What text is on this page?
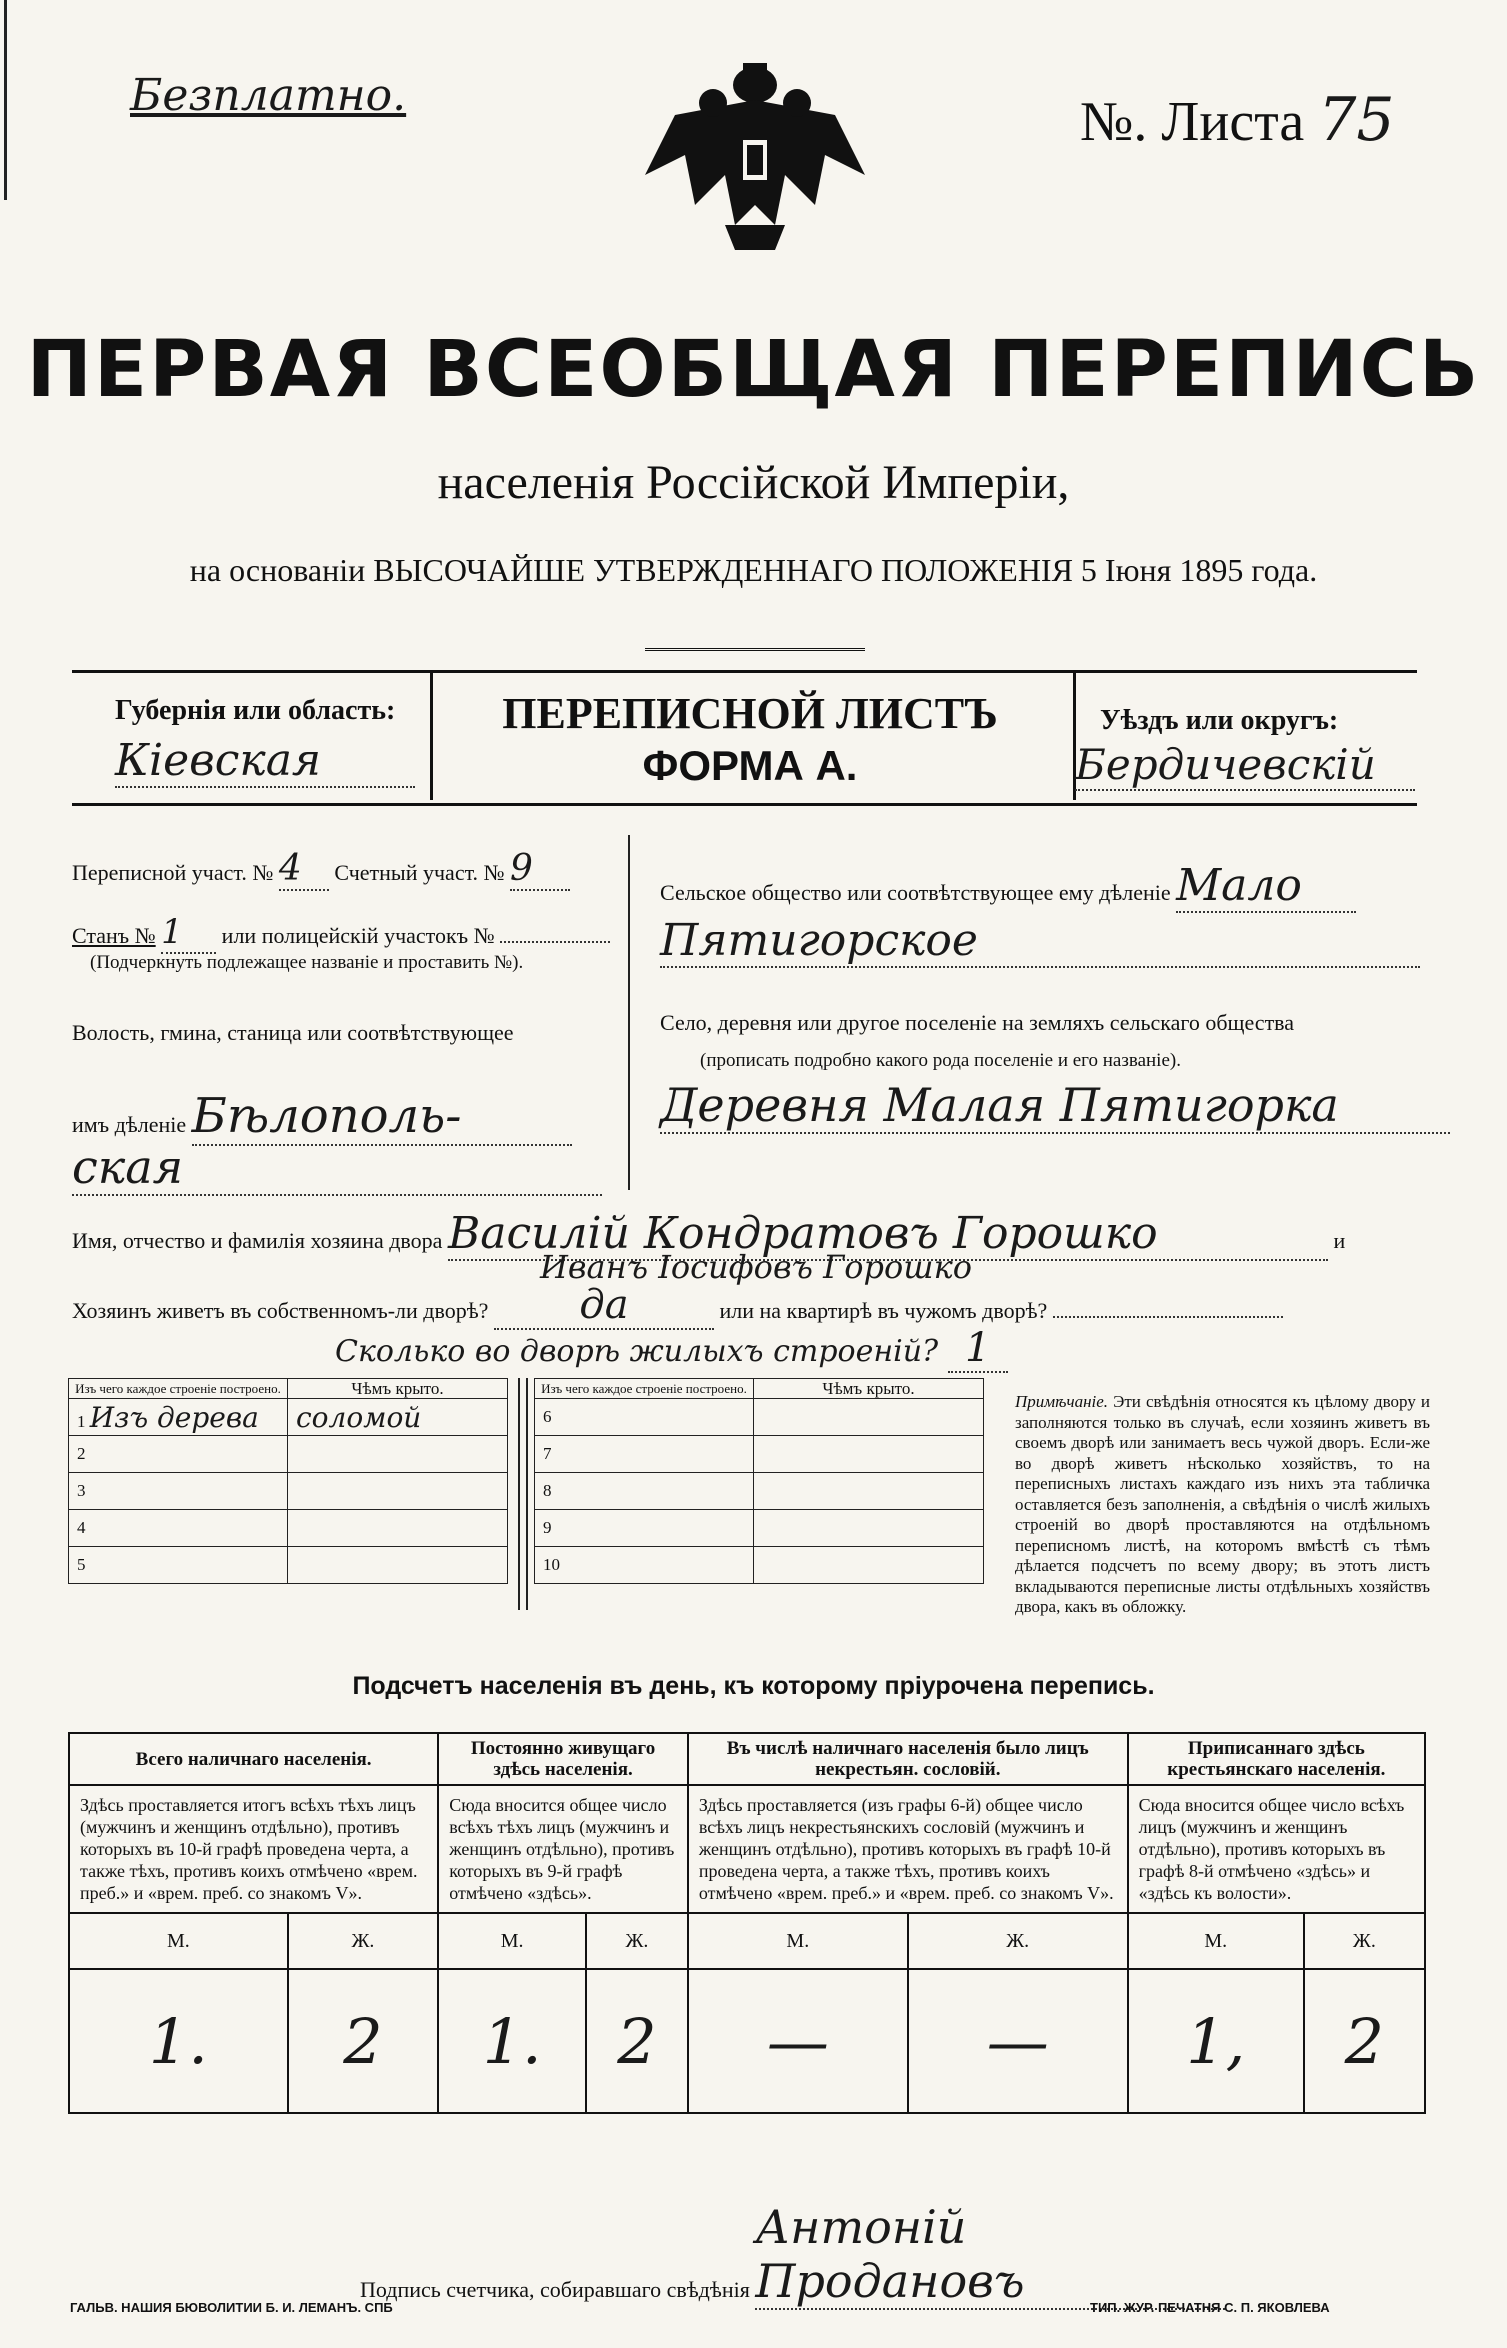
Безплатно.	№. Листа 75
ПЕРВАЯ ВСЕОБЩАЯ ПЕРЕПИСЬ
населенія Россійской Имперіи,
на основаніи ВЫСОЧАЙШЕ УТВЕРЖДЕННАГО ПОЛОЖЕНІЯ 5 Іюня 1895 года.
Губернія или область:
Кіевская
ПЕРЕПИСНОЙ ЛИСТЪ
ФОРМА А.
Уѣздъ или округъ:
Бердичевскій
Переписной участ. № 4 Счетный участ. № 9
Станъ № 1 или полицейскій участокъ №
(Подчеркнуть подлежащее названіе и проставить №).
Волость, гмина, станица или соотвѣтствующее
имъ дѣленіе Бѣлополь-
ская
Сельское общество или соотвѣтствующее ему дѣленіе Мало
Пятигорское
Село, деревня или другое поселеніе на земляхъ сельскаго общества
(прописать подробно какого рода поселеніе и его названіе).
Деревня Малая Пятигорка
Имя, отчество и фамилія хозяина двора Василій Кондратовъ Горошко	и
Иванъ Іосифовъ Горошко
Хозяинъ живетъ въ собственномъ-ли дворѣ? да	или на квартирѣ въ чужомъ дворѣ?
Сколько во дворѣ жилыхъ строеній? 1
Изъ чего каждое строеніе построено.	Чѣмъ крыто.
1 Изъ дерева	соломой
2	
3	
4	
5	
Изъ чего каждое строеніе построено.	Чѣмъ крыто.
6	
7	
8	
9	
10	
Примѣчаніе. Эти свѣдѣнія относятся къ цѣлому двору и заполняются только въ случаѣ, если хозяинъ живетъ въ своемъ дворѣ или занимаетъ весь чужой дворъ. Если-же во дворѣ живетъ нѣсколько хозяйствъ, то на переписныхъ листахъ каждаго изъ нихъ эта табличка оставляется безъ заполненія, а свѣдѣнія о числѣ жилыхъ строеній во дворѣ проставляются на отдѣльномъ переписномъ листѣ, на которомъ вмѣстѣ съ тѣмъ дѣлается подсчетъ по всему двору; въ этотъ листъ вкладываются переписные листы отдѣльныхъ хозяйствъ двора, какъ въ обложку.
Подсчетъ населенія въ день, къ которому пріурочена перепись.
Всего наличнаго населенія.		Постоянно живущаго здѣсь населенія.		Въ числѣ наличнаго населенія было лицъ некрестьян. сословій.		Приписаннаго здѣсь крестьянскаго населенія.	
Здѣсь проставляется итогъ всѣхъ тѣхъ лицъ (мужчинъ и женщинъ отдѣльно), противъ которыхъ въ 10-й графѣ проведена черта, а также тѣхъ, противъ коихъ отмѣчено «врем. преб.» и «врем. преб. со знакомъ V».		Сюда вносится общее число всѣхъ тѣхъ лицъ (мужчинъ и женщинъ отдѣльно), противъ которыхъ въ 9-й графѣ отмѣчено «здѣсь».		Здѣсь проставляется (изъ графы 6-й) общее число всѣхъ лицъ некрестьянскихъ сословій (мужчинъ и женщинъ отдѣльно), противъ которыхъ въ графѣ 10-й проведена черта, а также тѣхъ, противъ коихъ отмѣчено «врем. преб.» и «врем. преб. со знакомъ V».		Сюда вносится общее число всѣхъ лицъ (мужчинъ и женщинъ отдѣльно), противъ которыхъ въ графѣ 8-й отмѣчено «здѣсь» и «здѣсь къ волости».	
М.	Ж.	М.	Ж.	М.	Ж.	М.	Ж.
1.	2	1.	2	—	—	1,	2
Подпись счетчика, собиравшаго свѣдѣнія Антоній Продановъ
ГАЛЬВ. НАШИЯ БЮВОЛИТИИ Б. И. ЛЕМАНЪ. СПБ	ТИП. ЖУР. ПЕЧАТНЯ С. П. ЯКОВЛЕВА
